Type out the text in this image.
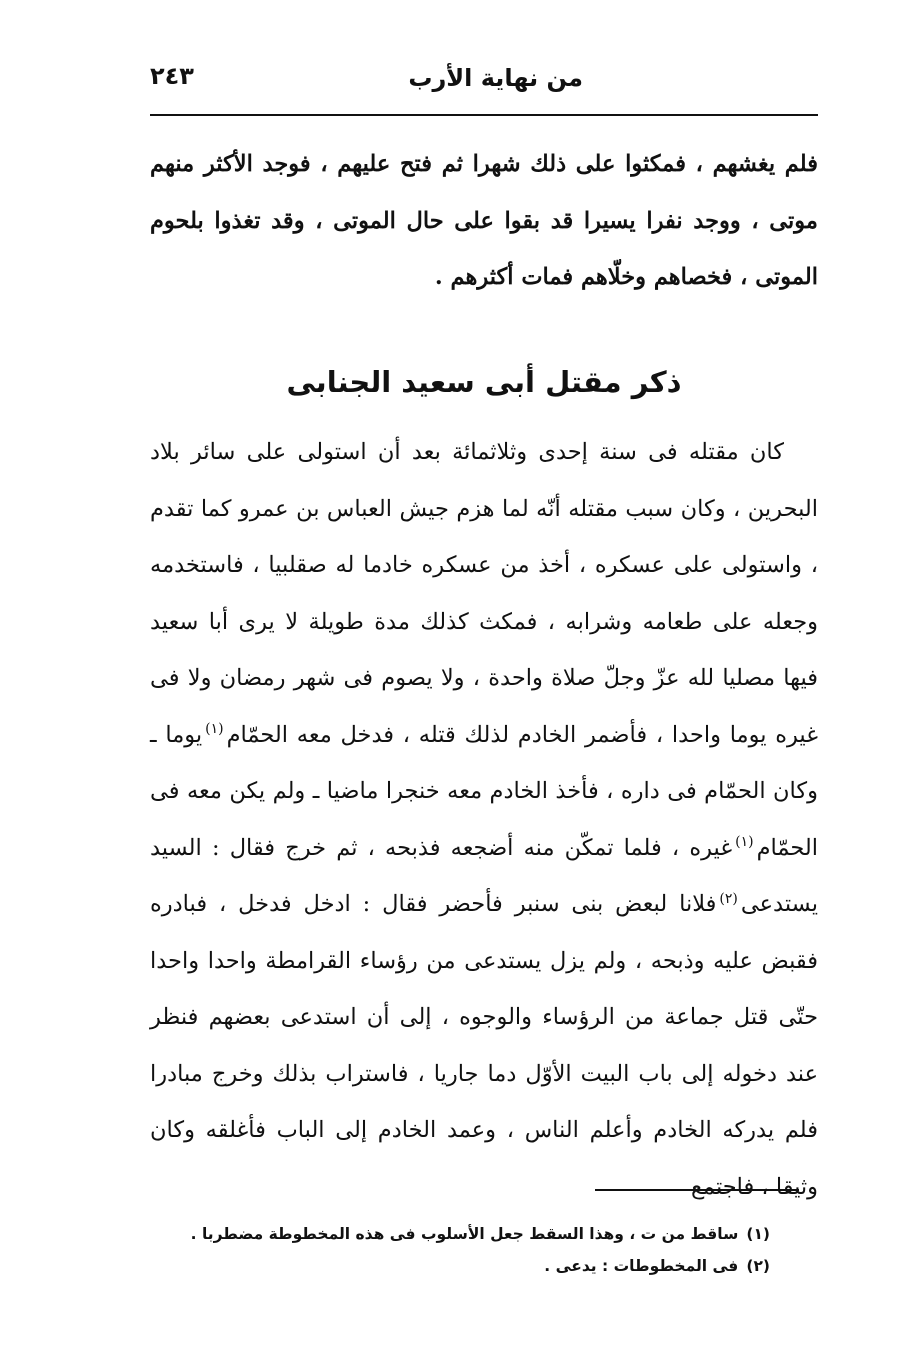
من نهاية الأرب
٢٤٣

فلم يغشهم ، فمكثوا على ذلك شهرا ثم فتح عليهم ، فوجد الأكثر منهم موتى ، ووجد نفرا يسيرا قد بقوا على حال الموتى ، وقد تغذوا بلحوم الموتى ، فخصاهم وخلّاهم فمات أكثرهم .

ذكر مقتل أبى سعيد الجنابى

كان مقتله فى سنة إحدى وثلاثمائة بعد أن استولى على سائر بلاد البحرين ، وكان سبب مقتله أنّه لما هزم جيش العباس بن عمرو كما تقدم ، واستولى على عسكره ، أخذ من عسكره خادما له صقلبيا ، فاستخدمه وجعله على طعامه وشرابه ، فمكث كذلك مدة طويلة لا يرى أبا سعيد فيها مصليا لله عزّ وجلّ صلاة واحدة ، ولا يصوم فى شهر رمضان ولا فى غيره يوما واحدا ، فأضمر الخادم لذلك قتله ، فدخل معه الحمّام$^{(١)}$يوما ـ وكان الحمّام فى داره ، فأخذ الخادم معه خنجرا ماضيا ـ ولم يكن معه فى الحمّام$^{(١)}$غيره ، فلما تمكّن منه أضجعه فذبحه ، ثم خرج فقال : السيد يستدعى$^{(٢)}$فلانا لبعض بنى سنبر فأحضر فقال : ادخل فدخل ، فبادره فقبض عليه وذبحه ، ولم يزل يستدعى من رؤساء القرامطة واحدا واحدا حتّى قتل جماعة من الرؤساء والوجوه ، إلى أن استدعى بعضهم فنظر عند دخوله إلى باب البيت الأوّل دما جاريا ، فاستراب بذلك وخرج مبادرا فلم يدركه الخادم وأعلم الناس ، وعمد الخادم إلى الباب فأغلقه وكان وثيقا ، فاجتمع

(١)ساقط من ت ، وهذا السقط جعل الأسلوب فى هذه المخطوطة مضطربا .
(٢)فى المخطوطات : يدعى .
